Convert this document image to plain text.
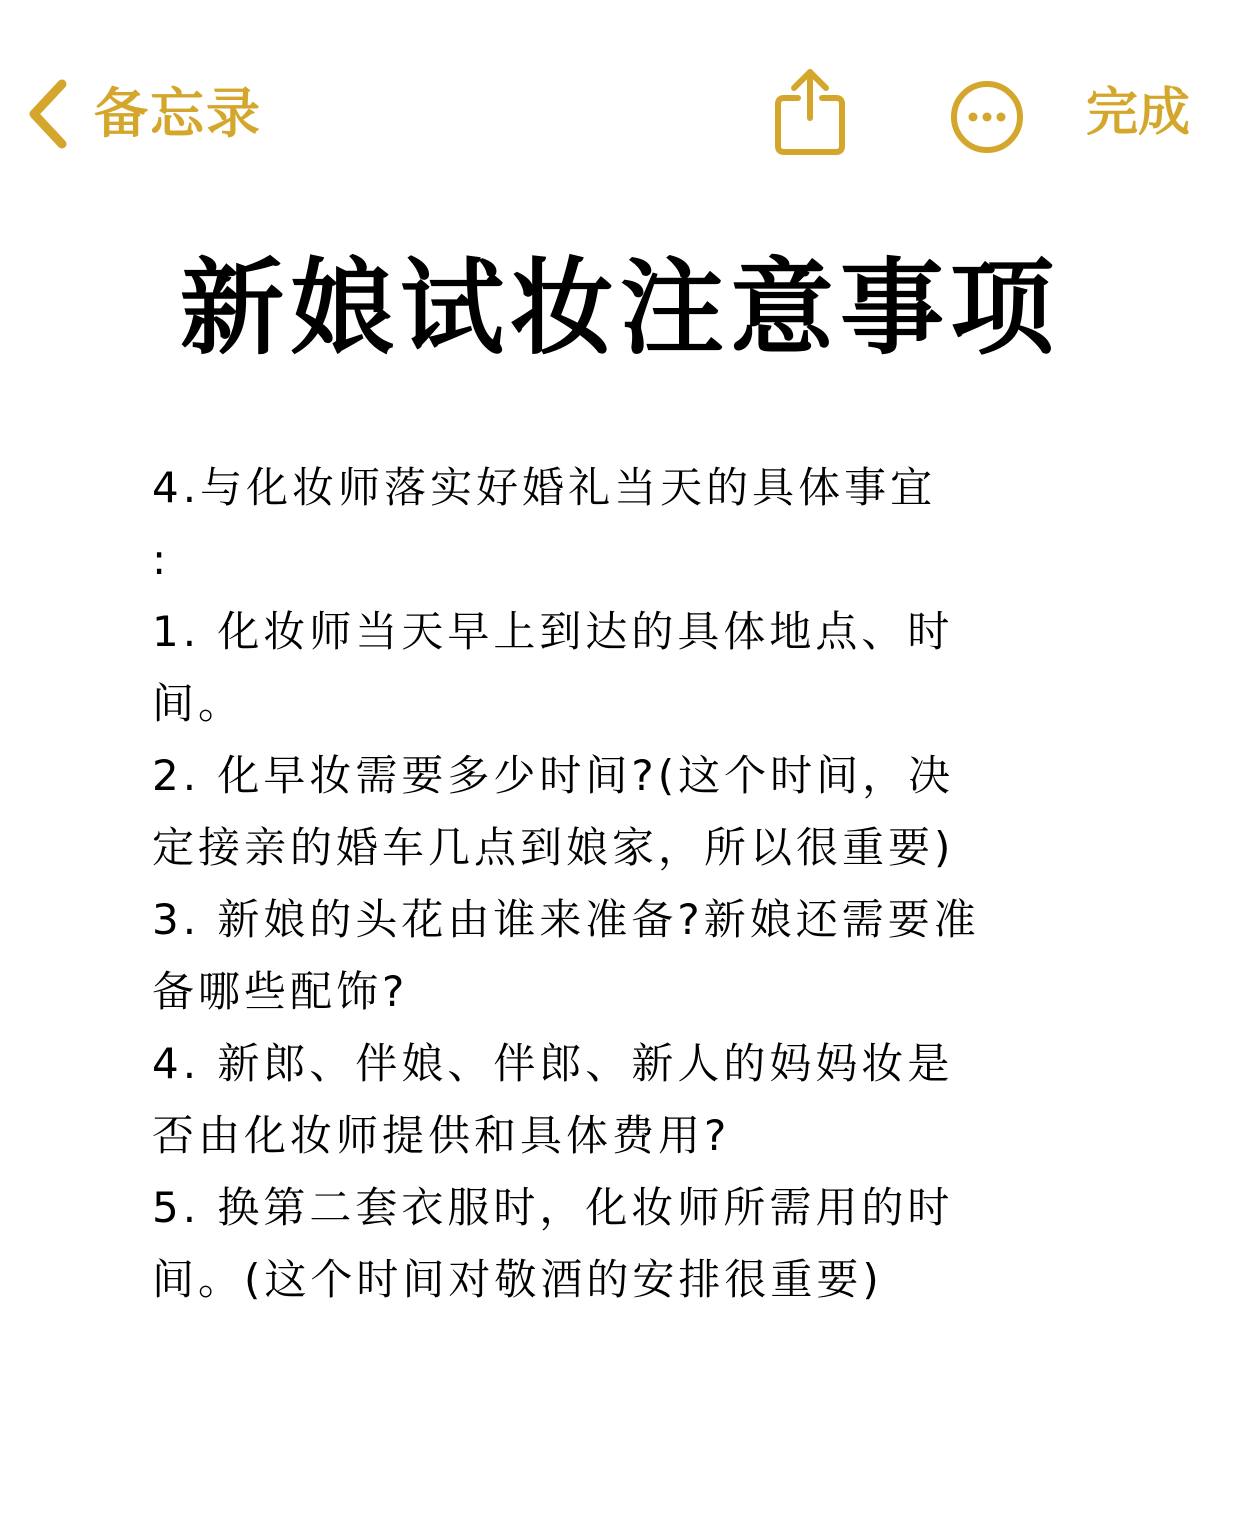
备忘录	完成
新娘试妆注意事项
4.与化妆师落实好婚礼当天的具体事宜
:
1. 化妆师当天早上到达的具体地点、时
间。
2. 化早妆需要多少时间?(这个时间，决
定接亲的婚车几点到娘家，所以很重要)
3. 新娘的头花由谁来准备?新娘还需要准
备哪些配饰?
4. 新郎、伴娘、伴郎、新人的妈妈妆是
否由化妆师提供和具体费用?
5. 换第二套衣服时，化妆师所需用的时
间。(这个时间对敬酒的安排很重要)
